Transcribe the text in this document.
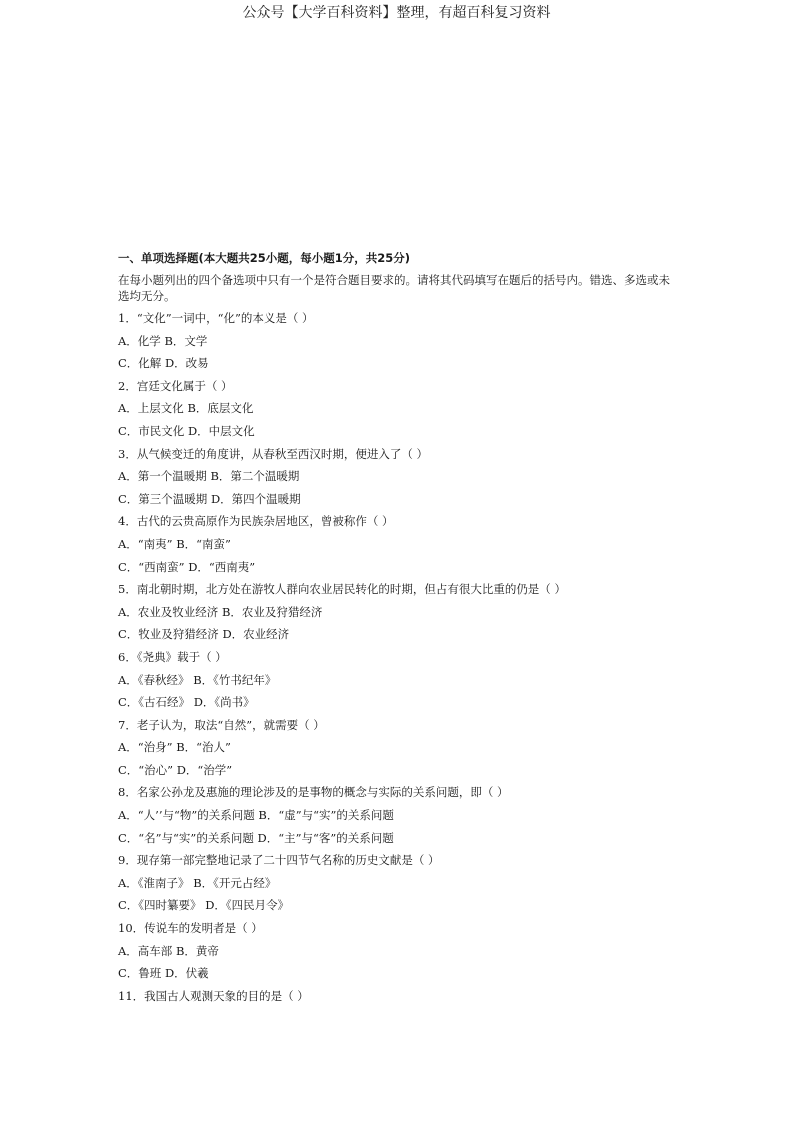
公众号【大学百科资料】整理，有超百科复习资料
一、单项选择题(本大题共25小题，每小题1分，共25分)
在每小题列出的四个备选项中只有一个是符合题目要求的。请将其代码填写在题后的括号内。错选、多选或未选均无分。
1．“文化”一词中，“化”的本义是（ ）
A．化学 B．文学
C．化解 D．改易
2．宫廷文化属于（ ）
A．上层文化 B．底层文化
C．市民文化 D．中层文化
3．从气候变迁的角度讲，从春秋至西汉时期，便进入了（ ）
A．第一个温暖期 B．第二个温暖期
C．第三个温暖期 D．第四个温暖期
4．古代的云贵高原作为民族杂居地区，曾被称作（ ）
A．“南夷” B．“南蛮”
C．“西南蛮” D．“西南夷”
5．南北朝时期，北方处在游牧人群向农业居民转化的时期，但占有很大比重的仍是（ ）
A．农业及牧业经济 B．农业及狩猎经济
C．牧业及狩猎经济 D．农业经济
6．《尧典》载于（ ）
A．《春秋经》 B．《竹书纪年》
C．《古石经》 D．《尚书》
7．老子认为，取法“自然”，就需要（ ）
A．“治身” B．“治人”
C．“治心” D．“治学”
8．名家公孙龙及惠施的理论涉及的是事物的概念与实际的关系问题，即（ ）
A．“人’’与“物”的关系问题 B．“虚”与“实”的关系问题
C．“名”与“实”的关系问题 D．“主”与“客”的关系问题
9．现存第一部完整地记录了二十四节气名称的历史文献是（ ）
A．《淮南子》 B．《开元占经》
C．《四时纂要》 D．《四民月令》
10．传说车的发明者是（ ）
A．高车部 B．黄帝
C．鲁班 D．伏羲
11．我国古人观测天象的目的是（ ）
